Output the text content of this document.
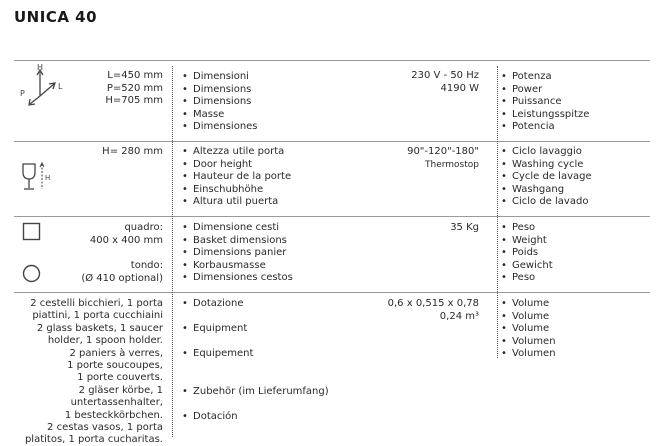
UNICA 40
H
P
L
L=450 mm
P=520 mm
H=705 mm
• Dimensioni
• Dimensions
• Dimensions
• Masse
• Dimensiones
230 V - 50 Hz
4190 W
• Potenza
• Power
• Puissance
• Leistungsspitze
• Potencia
H
H= 280 mm	• Altezza utile porta
• Door height
• Hauteur de la porte
• Einschubhöhe
• Altura util puerta
90"-120"-180"
Thermostop
• Ciclo lavaggio
• Washing cycle
• Cycle de lavage
• Washgang
• Ciclo de lavado
quadro:
400 x 400 mm
tondo:
(Ø 410 optional)
• Dimensione cesti
• Basket dimensions
• Dimensions panier
• Korbausmasse
• Dimensiones cestos
35 Kg	• Peso
• Weight
• Poids
• Gewicht
• Peso
2 cestelli bicchieri, 1 porta
piattini, 1 porta cucchiaini
2 glass baskets, 1 saucer
holder, 1 spoon holder.
2 paniers à verres,
1 porte soucoupes,
1 porte couverts.
2 gläser körbe, 1 untertassenhalter,
1 besteckkörbchen.
2 cestas vasos, 1 porta
platitos, 1 porta cucharitas.
• Dotazione
• Equipment
• Equipement
• Zubehör (im Lieferumfang)
• Dotación
0,6 x 0,515 x 0,78
0,24 m³
• Volume
• Volume
• Volume
• Volumen
• Volumen
